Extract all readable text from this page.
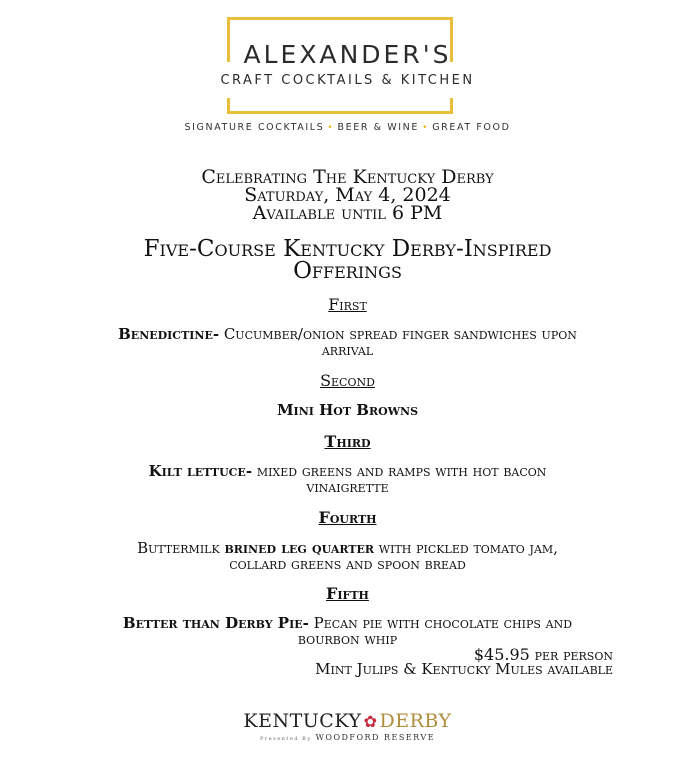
ALEXANDER'S
CRAFT COCKTAILS & KITCHEN
SIGNATURE COCKTAILS • BEER & WINE • GREAT FOOD
Celebrating The Kentucky Derby
Saturday, May 4, 2024
Available until 6 PM
Five-Course Kentucky Derby-Inspired
Offerings
First
Benedictine- Cucumber/onion spread finger sandwiches upon
arrival
Second
Mini Hot Browns
Third
Kilt lettuce- mixed greens and ramps with hot bacon
vinaigrette
Fourth
Buttermilk brined leg quarter with pickled tomato jam,
collard greens and spoon bread
Fifth
Better than Derby Pie- Pecan pie with chocolate chips and
bourbon whip
$45.95 per person
Mint Julips & Kentucky Mules available
KENTUCKY ✿ DERBY
Presented By WOODFORD RESERVE
